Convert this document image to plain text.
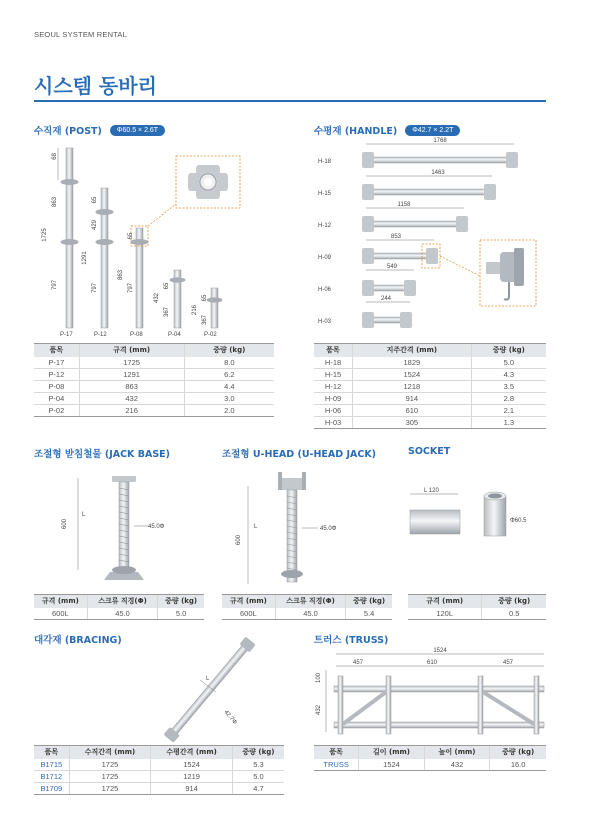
SEOUL SYSTEM RENTAL
시스템 동바리
수직재 (POST)	Φ60.5 × 2.6T
68
863
1725
797
65
429
1291
797
65
863
797	65
432
367
65
216
367
P-17	P-12	P-08	P-04	P-02
품목	규격 (mm)	중량 (kg)
P-17	1725	8.0
P-12	1291	6.2
P-08	863	4.4
P-04	432	3.0
P-02	216	2.0
수평재 (HANDLE)	Φ42.7 × 2.2T
H-18
1768
H-15
1463
H-12
1158
H-09
853
H-06
549
H-03
244
품목	지주간격 (mm)	중량 (kg)
H-18	1829	5.0
H-15	1524	4.3
H-12	1218	3.5
H-09	914	2.8
H-06	610	2.1
H-03	305	1.3
조절형 받침철물 (JACK BASE)
600
L
45.0Φ
규격 (mm)	스크류 직경(Φ)	중량 (kg)
600L	45.0	5.0
조절형 U-HEAD (U-HEAD JACK)
600
L	45.0Φ
규격 (mm)	스크류 직경(Φ)	중량 (kg)
600L	45.0	5.4
SOCKET
L 120
Φ60.5
규격 (mm)	중량 (kg)
120L	0.5
대각재 (BRACING)
L
42.7Φ
품목	수직간격 (mm)	수평간격 (mm)	중량 (kg)
B1715	1725	1524	5.3
B1712	1725	1219	5.0
B1709	1725	914	4.7
트러스 (TRUSS)
1524
457	610	457
100
432
품목	길이 (mm)	높이 (mm)	중량 (kg)
TRUSS	1524	432	16.0
